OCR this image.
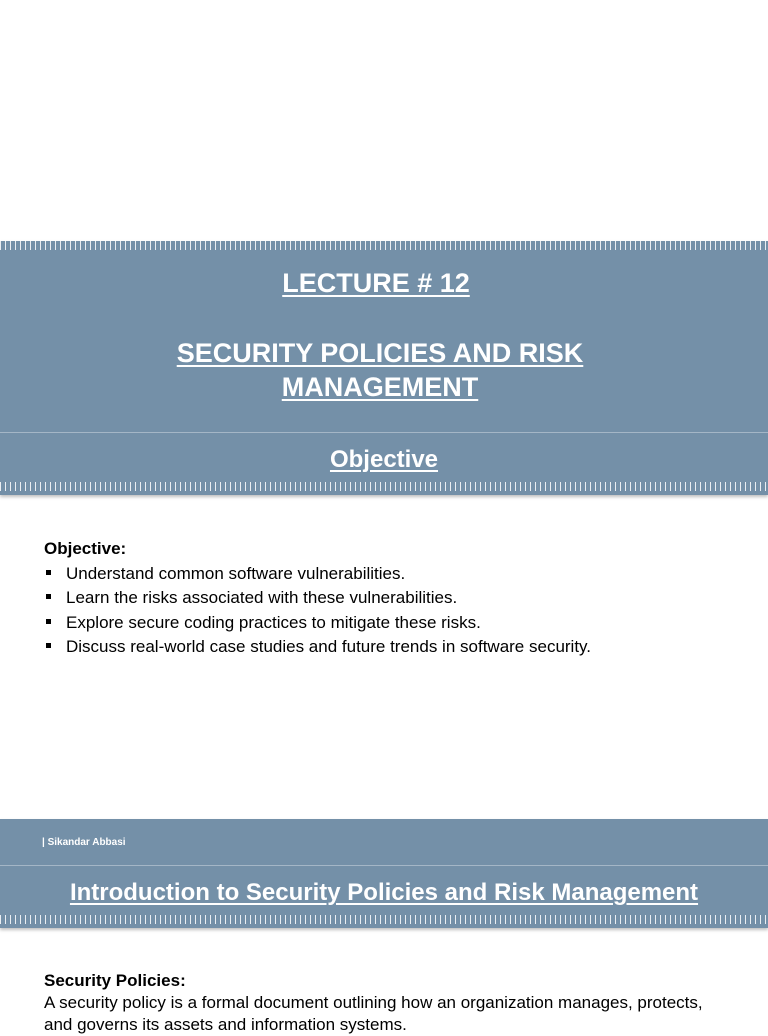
LECTURE # 12
SECURITY POLICIES AND RISK
MANAGEMENT
Objective
Objective:
Understand common software vulnerabilities.
Learn the risks associated with these vulnerabilities.
Explore secure coding practices to mitigate these risks.
Discuss real-world case studies and future trends in software security.
| Sikandar Abbasi
Introduction to Security Policies and Risk Management
Security Policies:
A security policy is a formal document outlining how an organization manages, protects, and governs its assets and information systems.
